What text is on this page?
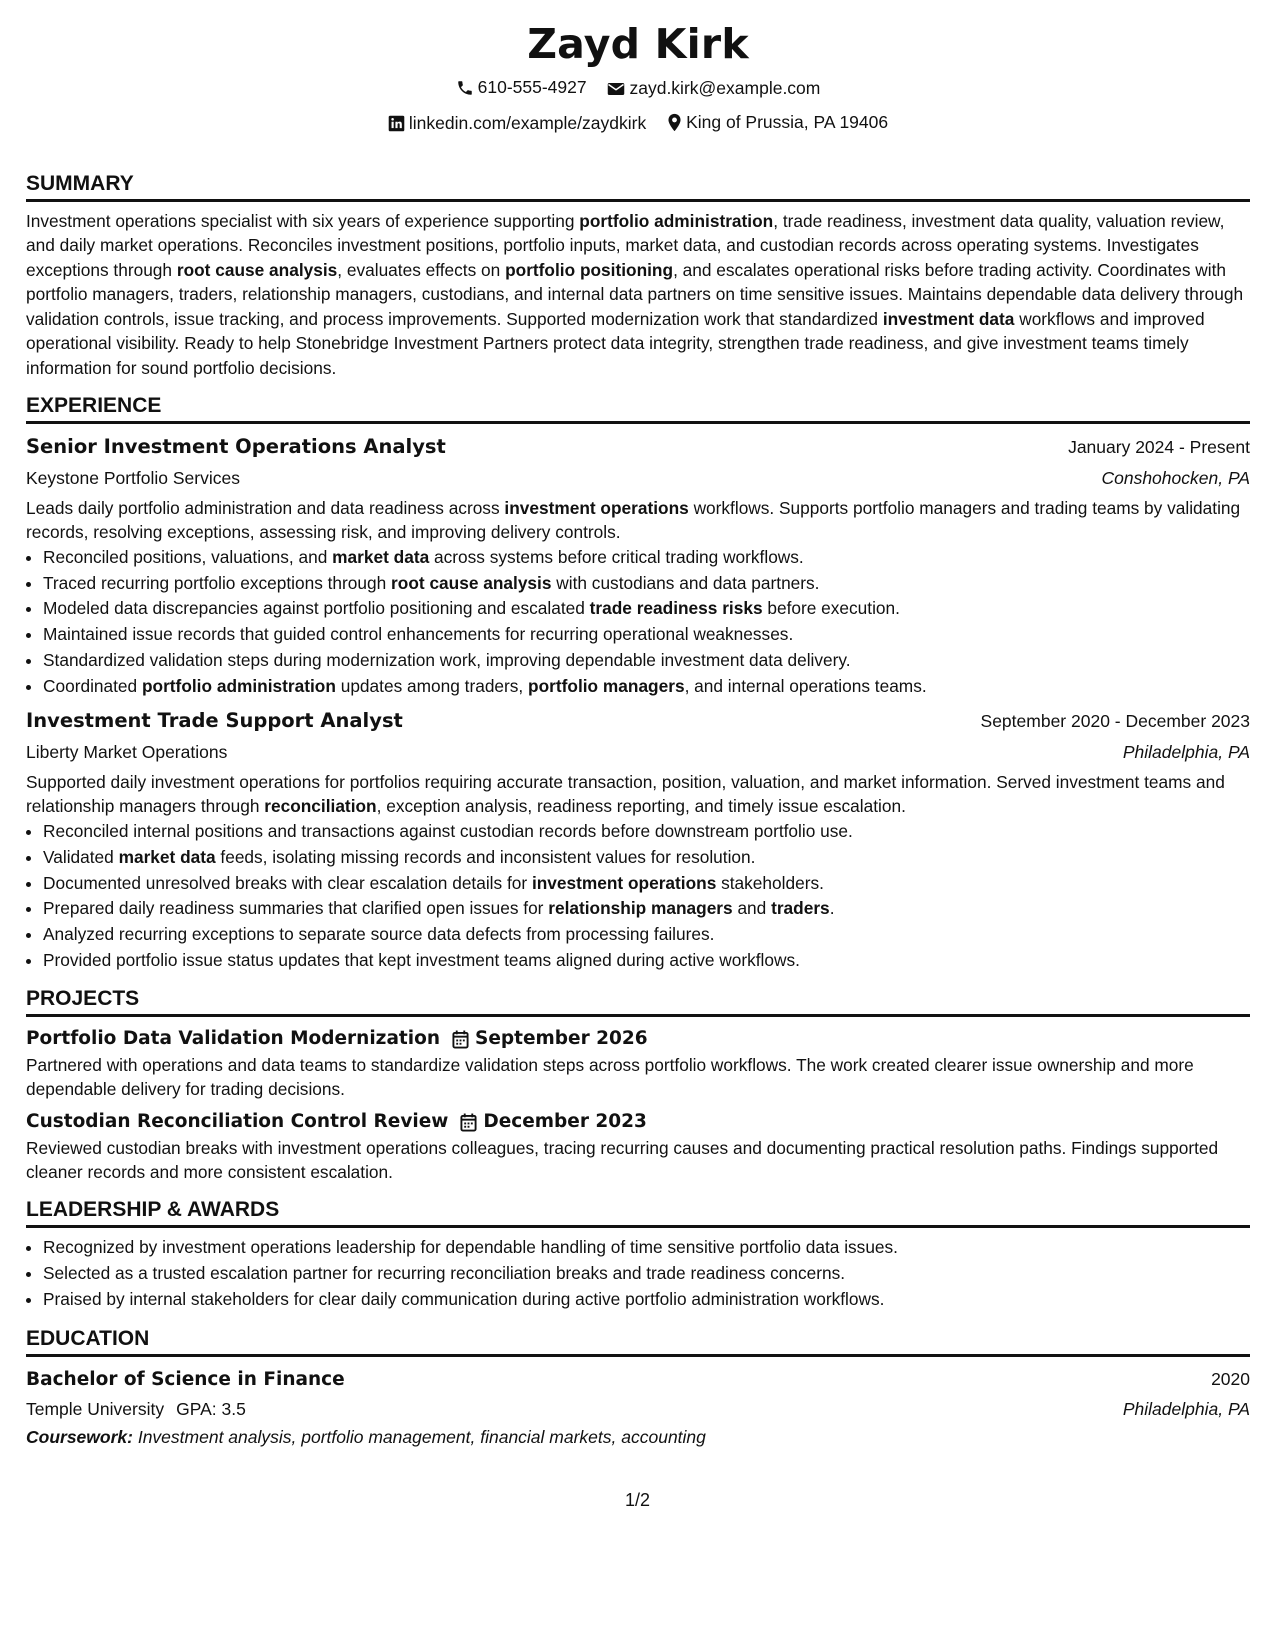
Zayd Kirk
610-555-4927
zayd.kirk@example.com
linkedin.com/example/zaydkirk
King of Prussia, PA 19406
SUMMARY

Investment operations specialist with six years of experience supporting portfolio administration, trade readiness, investment data quality, valuation review, and daily market operations. Reconciles investment positions, portfolio inputs, market data, and custodian records across operating systems. Investigates exceptions through root cause analysis, evaluates effects on portfolio positioning, and escalates operational risks before trading activity. Coordinates with portfolio managers, traders, relationship managers, custodians, and internal data partners on time sensitive issues. Maintains dependable data delivery through validation controls, issue tracking, and process improvements. Supported modernization work that standardized investment data workflows and improved operational visibility. Ready to help Stonebridge Investment Partners protect data integrity, strengthen trade readiness, and give investment teams timely information for sound portfolio decisions.

EXPERIENCE
Senior Investment Operations Analyst	January 2024 - Present
Keystone Portfolio Services	Conshohocken, PA

Leads daily portfolio administration and data readiness across investment operations workflows. Supports portfolio managers and trading teams by validating records, resolving exceptions, assessing risk, and improving delivery controls.

• Reconciled positions, valuations, and market data across systems before critical trading workflows.
• Traced recurring portfolio exceptions through root cause analysis with custodians and data partners.
• Modeled data discrepancies against portfolio positioning and escalated trade readiness risks before execution.
• Maintained issue records that guided control enhancements for recurring operational weaknesses.
• Standardized validation steps during modernization work, improving dependable investment data delivery.
• Coordinated portfolio administration updates among traders, portfolio managers, and internal operations teams.
Investment Trade Support Analyst	September 2020 - December 2023
Liberty Market Operations	Philadelphia, PA

Supported daily investment operations for portfolios requiring accurate transaction, position, valuation, and market information. Served investment teams and relationship managers through reconciliation, exception analysis, readiness reporting, and timely issue escalation.

• Reconciled internal positions and transactions against custodian records before downstream portfolio use.
• Validated market data feeds, isolating missing records and inconsistent values for resolution.
• Documented unresolved breaks with clear escalation details for investment operations stakeholders.
• Prepared daily readiness summaries that clarified open issues for relationship managers and traders.
• Analyzed recurring exceptions to separate source data defects from processing failures.
• Provided portfolio issue status updates that kept investment teams aligned during active workflows.
PROJECTS
Portfolio Data Validation Modernization September 2026

Partnered with operations and data teams to standardize validation steps across portfolio workflows. The work created clearer issue ownership and more dependable delivery for trading decisions.

Custodian Reconciliation Control Review December 2023

Reviewed custodian breaks with investment operations colleagues, tracing recurring causes and documenting practical resolution paths. Findings supported cleaner records and more consistent escalation.

LEADERSHIP & AWARDS
• Recognized by investment operations leadership for dependable handling of time sensitive portfolio data issues.
• Selected as a trusted escalation partner for recurring reconciliation breaks and trade readiness concerns.
• Praised by internal stakeholders for clear daily communication during active portfolio administration workflows.
EDUCATION
Bachelor of Science in Finance	2020
Temple University GPA: 3.5	Philadelphia, PA
Coursework: Investment analysis, portfolio management, financial markets, accounting
1/2
